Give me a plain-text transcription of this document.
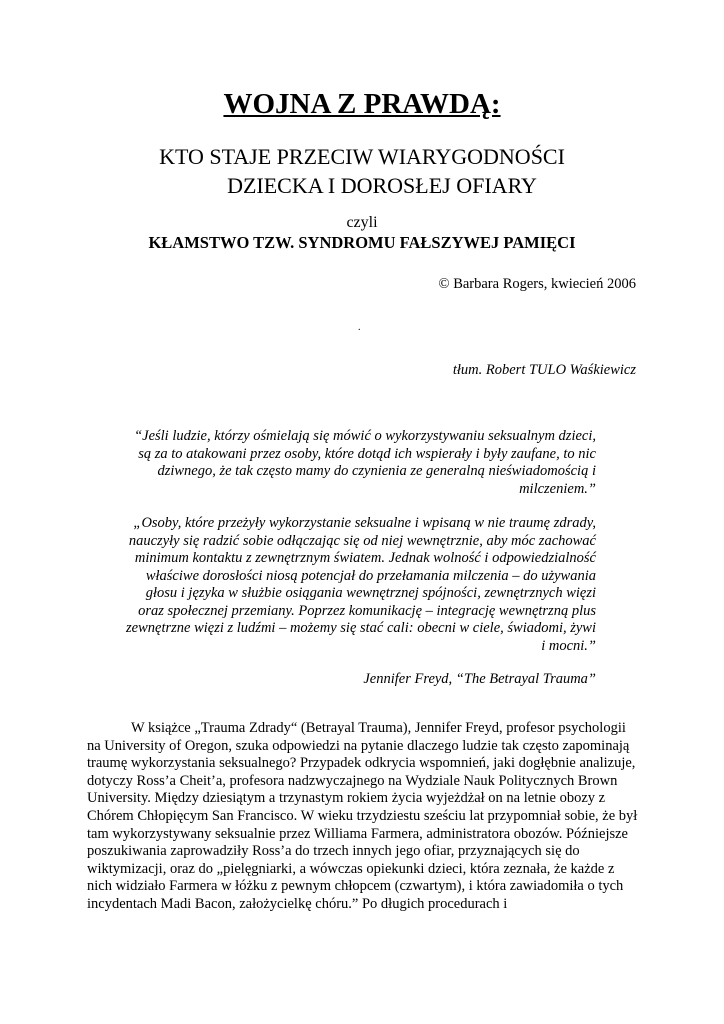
WOJNA Z PRAWDĄ:
KTO STAJE PRZECIW WIARYGODNOŚCI
DZIECKA I DOROSŁEJ OFIARY

czyli

KŁAMSTWO TZW. SYNDROMU FAŁSZYWEJ PAMIĘCI

© Barbara Rogers, kwiecień 2006

.

tłum. Robert TULO Waśkiewicz

“Jeśli ludzie, którzy ośmielają się mówić o wykorzystywaniu seksualnym dzieci, są za to atakowani przez osoby, które dotąd ich wspierały i były zaufane, to nic dziwnego, że tak często mamy do czynienia ze generalną nieświadomością i milczeniem.”

„Osoby, które przeżyły wykorzystanie seksualne i wpisaną w nie traumę zdrady, nauczyły się radzić sobie odłączając się od niej wewnętrznie, aby móc zachować minimum kontaktu z zewnętrznym światem. Jednak wolność i odpowiedzialność właściwe dorosłości niosą potencjał do przełamania milczenia – do używania głosu i języka w służbie osiągania wewnętrznej spójności, zewnętrznych więzi oraz społecznej przemiany. Poprzez komunikację – integrację wewnętrzną plus zewnętrzne więzi z ludźmi – możemy się stać cali: obecni w ciele, świadomi, żywi i mocni.”

Jennifer Freyd, “The Betrayal Trauma”

W książce „Trauma Zdrady“ (Betrayal Trauma), Jennifer Freyd, profesor psychologii na University of Oregon, szuka odpowiedzi na pytanie dlaczego ludzie tak często zapominają traumę wykorzystania seksualnego? Przypadek odkrycia wspomnień, jaki dogłębnie analizuje, dotyczy Ross’a Cheit’a, profesora nadzwyczajnego na Wydziale Nauk Politycznych Brown University. Między dziesiątym a trzynastym rokiem życia wyjeżdżał on na letnie obozy z Chórem Chłopięcym San Francisco. W wieku trzydziestu sześciu lat przypomniał sobie, że był tam wykorzystywany seksualnie przez Williama Farmera, administratora obozów. Późniejsze poszukiwania zaprowadziły Ross’a do trzech innych jego ofiar, przyznających się do wiktymizacji, oraz do „pielęgniarki, a wówczas opiekunki dzieci, która zeznała, że każde z nich widziało Farmera w łóżku z pewnym chłopcem (czwartym), i która zawiadomiła o tych incydentach Madi Bacon, założycielkę chóru.” Po długich procedurach i
